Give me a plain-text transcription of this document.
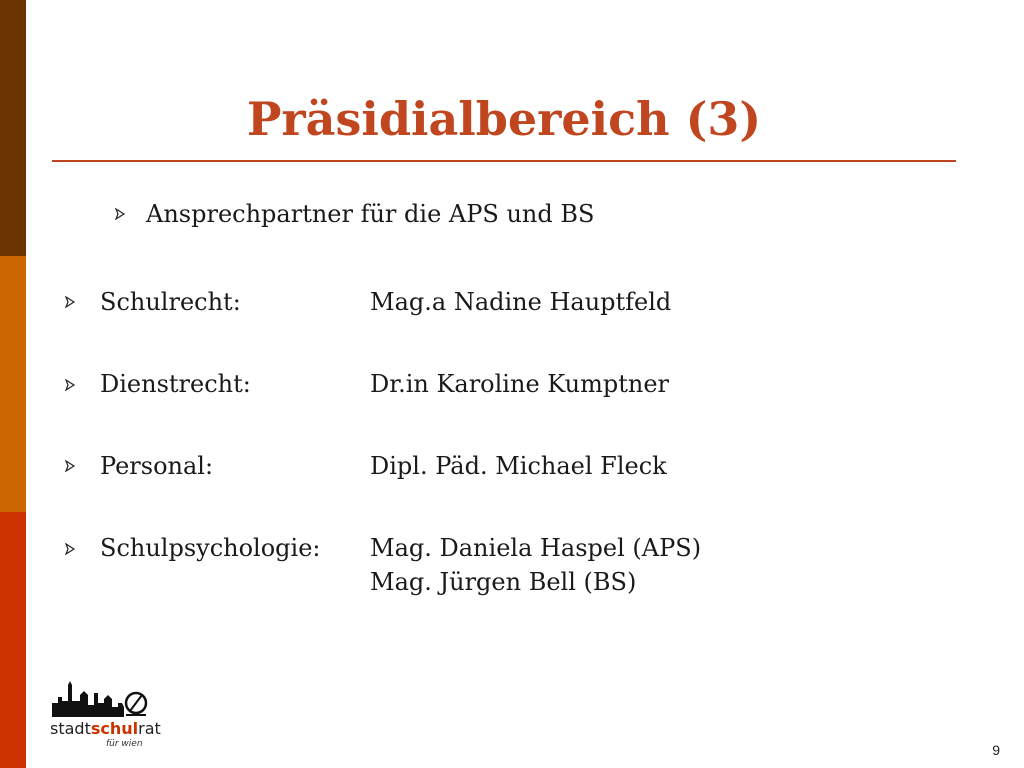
Präsidialbereich (3)
Ansprechpartner für die APS und BS
Schulrecht:	Mag.a Nadine Hauptfeld
Dienstrecht:	Dr.in Karoline Kumptner
Personal:	Dipl. Päd. Michael Fleck
Schulpsychologie: Mag. Daniela Haspel (APS)
Mag. Jürgen Bell (BS)
stadtschulrat
für wien	9
